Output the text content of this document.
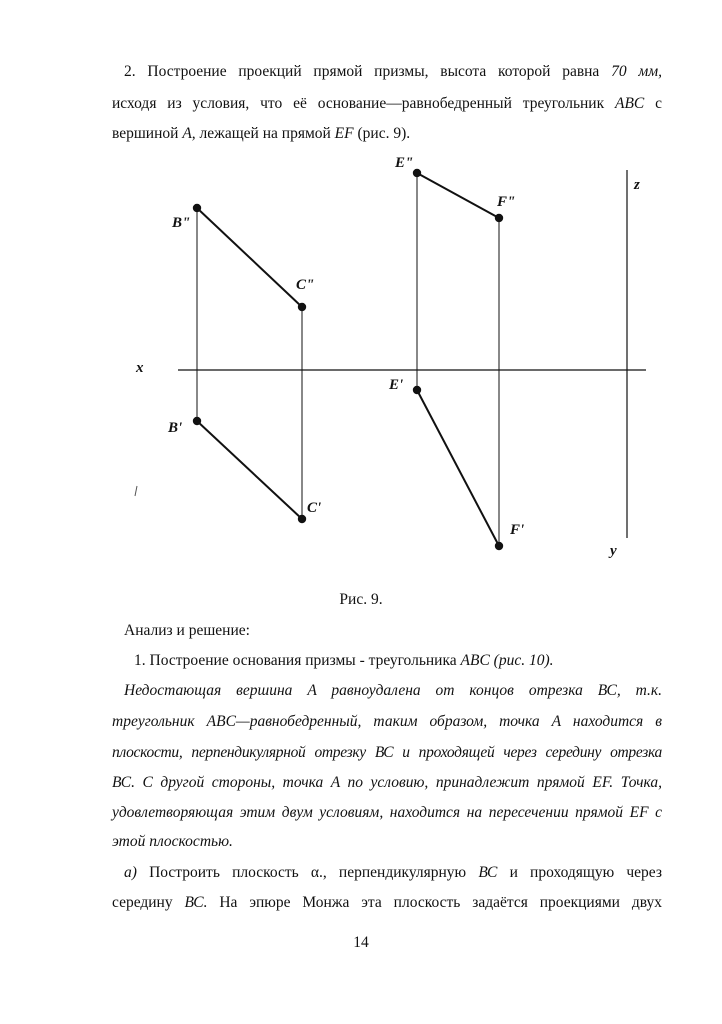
2. Построение проекций прямой призмы, высота которой равна 70 мм,
исходя из условия, что её основание—равнобедренный треугольник ABC с
вершиной A, лежащей на прямой EF (рис. 9).
B"
C"
E"
F"
B'
C'
E'
F'
x
z
y
Рис. 9.
Анализ и решение:
1. Построение основания призмы - треугольника ABC (рис. 10).
Недостающая вершина A равноудалена от концов отрезка ВС, т.к.
треугольник ABC—равнобедренный, таким образом, точка A находится в
плоскости, перпендикулярной отрезку ВС и проходящей через середину отрезка
ВС. С другой стороны, точка A по условию, принадлежит прямой EF. Точка,
удовлетворяющая этим двум условиям, находится на пересечении прямой EF с
этой плоскостью.
а) Построить плоскость α., перпендикулярную ВС и проходящую через
середину ВС. На эпюре Монжа эта плоскость задаётся проекциями двух
14
